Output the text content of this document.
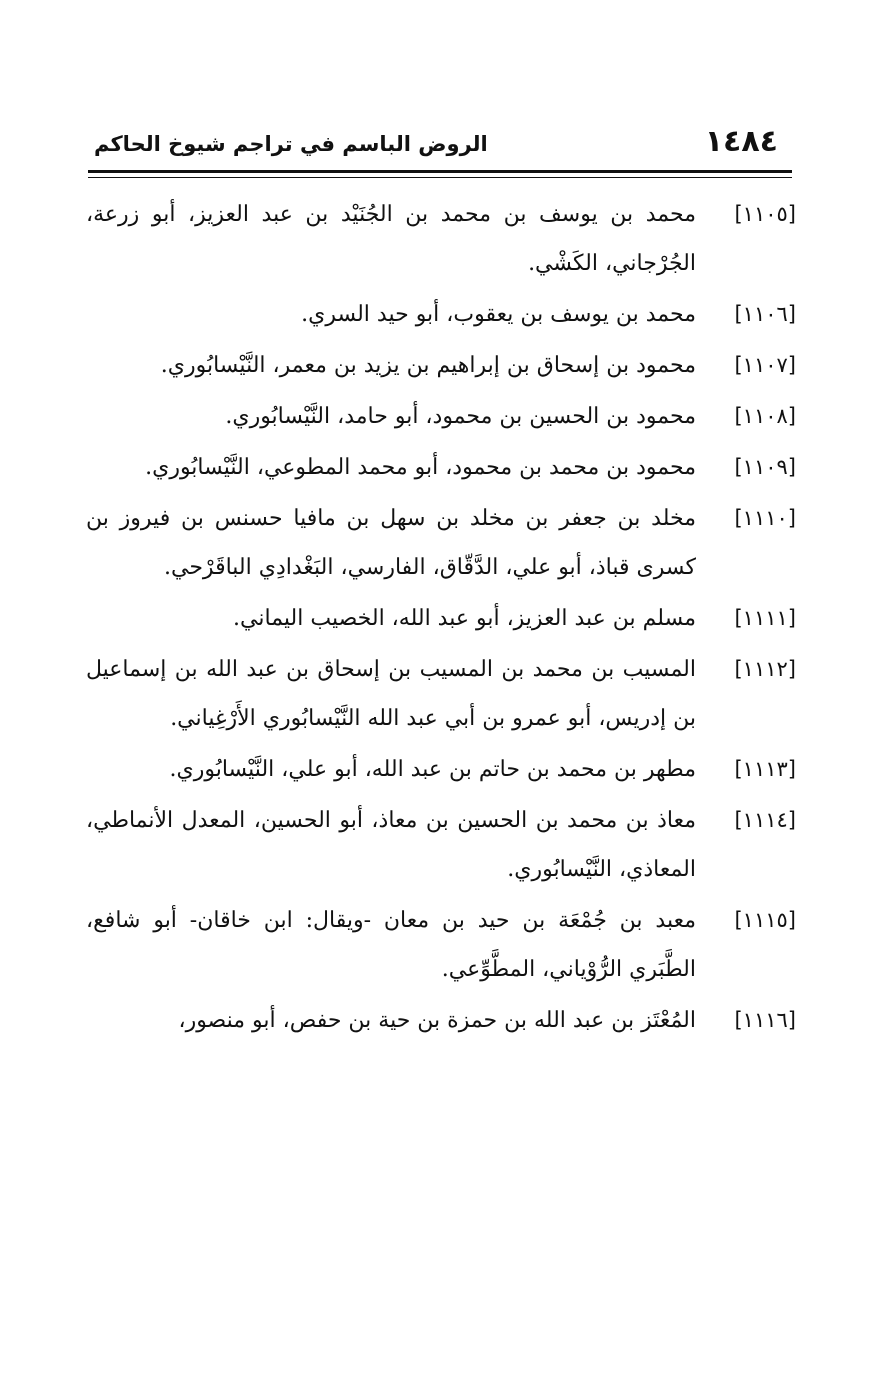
١٤٨٤
الروض الباسم في تراجم شيوخ الحاكم
[١١٠٥]
محمد بن يوسف بن محمد بن الجُنَيْد بن عبد العزيز، أبو زرعة، الجُرْجاني، الكَشْي.
[١١٠٦]
محمد بن يوسف بن يعقوب، أبو حيد السري.
[١١٠٧]
محمود بن إسحاق بن إبراهيم بن يزيد بن معمر، النَّيْسابُوري.
[١١٠٨]
محمود بن الحسين بن محمود، أبو حامد، النَّيْسابُوري.
[١١٠٩]
محمود بن محمد بن محمود، أبو محمد المطوعي، النَّيْسابُوري.
[١١١٠]
مخلد بن جعفر بن مخلد بن سهل بن مافيا حسنس بن فيروز بن كسرى قباذ، أبو علي، الدَّقّاق، الفارسي، البَغْدادِي الباقَرْحي.
[١١١١]
مسلم بن عبد العزيز، أبو عبد الله، الخصيب اليماني.
[١١١٢]
المسيب بن محمد بن المسيب بن إسحاق بن عبد الله بن إسماعيل بن إدريس، أبو عمرو بن أبي عبد الله النَّيْسابُوري الأَرْغِياني.
[١١١٣]
مطهر بن محمد بن حاتم بن عبد الله، أبو علي، النَّيْسابُوري.
[١١١٤]
معاذ بن محمد بن الحسين بن معاذ، أبو الحسين، المعدل الأنماطي، المعاذي، النَّيْسابُوري.
[١١١٥]
معبد بن جُمْعَة بن حيد بن معان -ويقال: ابن خاقان- أبو شافع، الطَّبَري الرُّوْياني، المطَّوِّعي.
[١١١٦]
المُعْتَز بن عبد الله بن حمزة بن حية بن حفص، أبو منصور،
